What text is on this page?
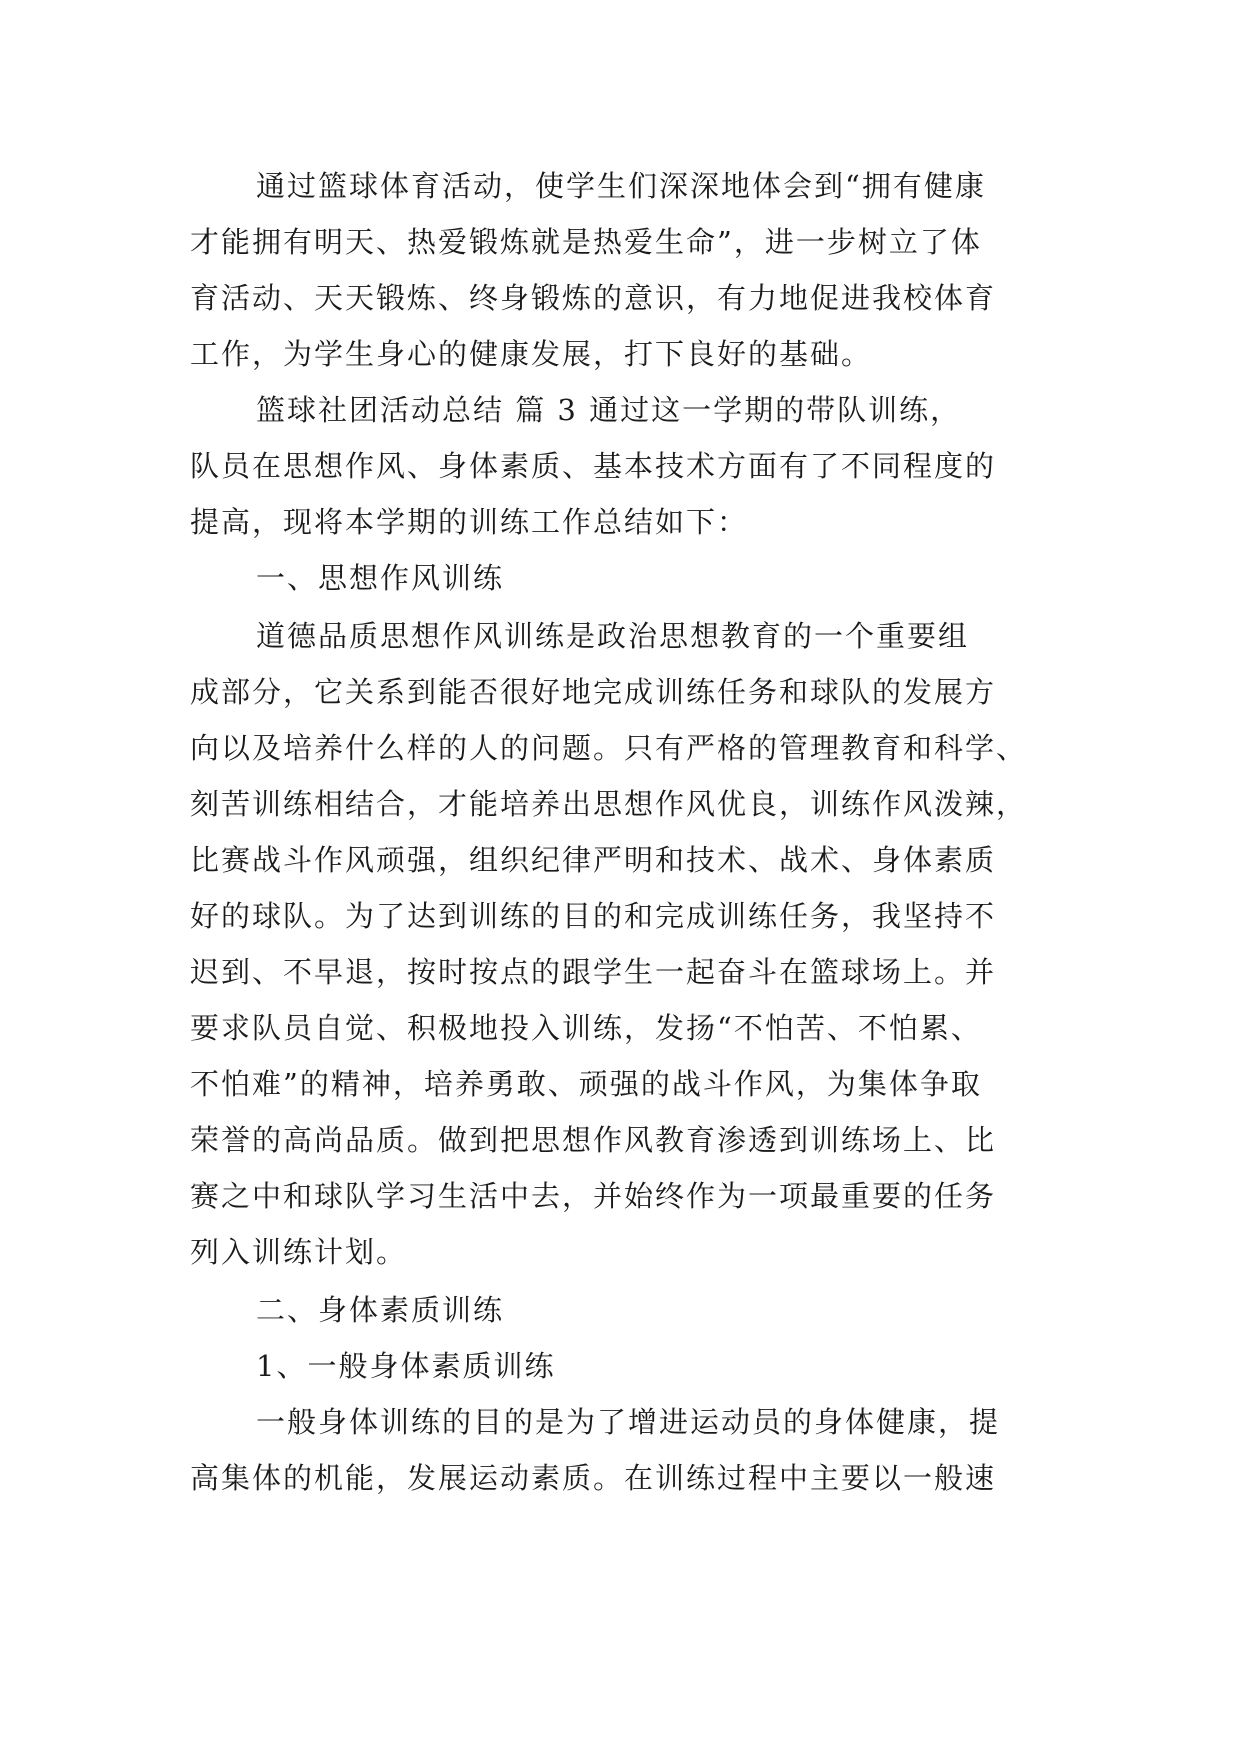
通过篮球体育活动，使学生们深深地体会到“拥有健康
才能拥有明天、热爱锻炼就是热爱生命”，进一步树立了体
育活动、天天锻炼、终身锻炼的意识，有力地促进我校体育
工作，为学生身心的健康发展，打下良好的基础。
篮球社团活动总结 篇 3 通过这一学期的带队训练，
队员在思想作风、身体素质、基本技术方面有了不同程度的
提高，现将本学期的训练工作总结如下：
一、思想作风训练
道德品质思想作风训练是政治思想教育的一个重要组
成部分，它关系到能否很好地完成训练任务和球队的发展方
向以及培养什么样的人的问题。只有严格的管理教育和科学、
刻苦训练相结合，才能培养出思想作风优良，训练作风泼辣，
比赛战斗作风顽强，组织纪律严明和技术、战术、身体素质
好的球队。为了达到训练的目的和完成训练任务，我坚持不
迟到、不早退，按时按点的跟学生一起奋斗在篮球场上。并
要求队员自觉、积极地投入训练，发扬“不怕苦、不怕累、
不怕难”的精神，培养勇敢、顽强的战斗作风，为集体争取
荣誉的高尚品质。做到把思想作风教育渗透到训练场上、比
赛之中和球队学习生活中去，并始终作为一项最重要的任务
列入训练计划。
二、身体素质训练
1、一般身体素质训练
一般身体训练的目的是为了增进运动员的身体健康，提
高集体的机能，发展运动素质。在训练过程中主要以一般速
